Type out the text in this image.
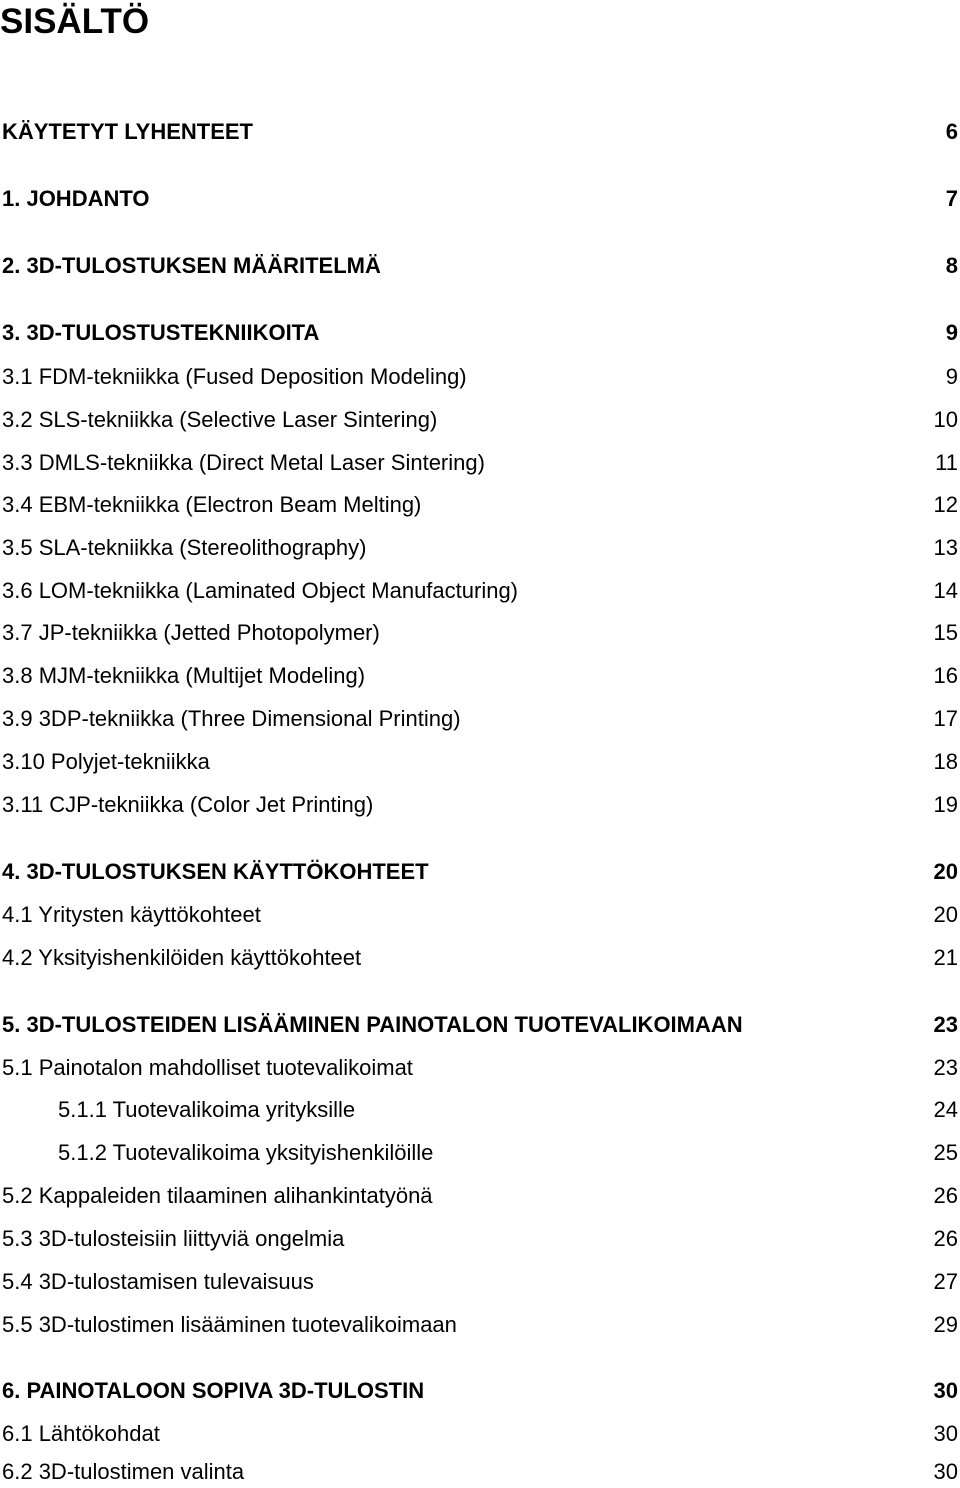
SISÄLTÖ
KÄYTETYT LYHENTEET	6
1. JOHDANTO	7
2. 3D-TULOSTUKSEN MÄÄRITELMÄ	8
3. 3D-TULOSTUSTEKNIIKOITA	9
3.1 FDM-tekniikka (Fused Deposition Modeling)	9
3.2 SLS-tekniikka (Selective Laser Sintering)	10
3.3 DMLS-tekniikka (Direct Metal Laser Sintering)	11
3.4 EBM-tekniikka (Electron Beam Melting)	12
3.5 SLA-tekniikka (Stereolithography)	13
3.6 LOM-tekniikka (Laminated Object Manufacturing)	14
3.7 JP-tekniikka (Jetted Photopolymer)	15
3.8 MJM-tekniikka (Multijet Modeling)	16
3.9 3DP-tekniikka (Three Dimensional Printing)	17
3.10 Polyjet-tekniikka	18
3.11 CJP-tekniikka (Color Jet Printing)	19
4. 3D-TULOSTUKSEN KÄYTTÖKOHTEET	20
4.1 Yritysten käyttökohteet	20
4.2 Yksityishenkilöiden käyttökohteet	21
5. 3D-TULOSTEIDEN LISÄÄMINEN PAINOTALON TUOTEVALIKOIMAAN	23
5.1 Painotalon mahdolliset tuotevalikoimat	23
5.1.1 Tuotevalikoima yrityksille	24
5.1.2 Tuotevalikoima yksityishenkilöille	25
5.2 Kappaleiden tilaaminen alihankintatyönä	26
5.3 3D-tulosteisiin liittyviä ongelmia	26
5.4 3D-tulostamisen tulevaisuus	27
5.5 3D-tulostimen lisääminen tuotevalikoimaan	29
6. PAINOTALOON SOPIVA 3D-TULOSTIN	30
6.1 Lähtökohdat	30
6.2 3D-tulostimen valinta	30
